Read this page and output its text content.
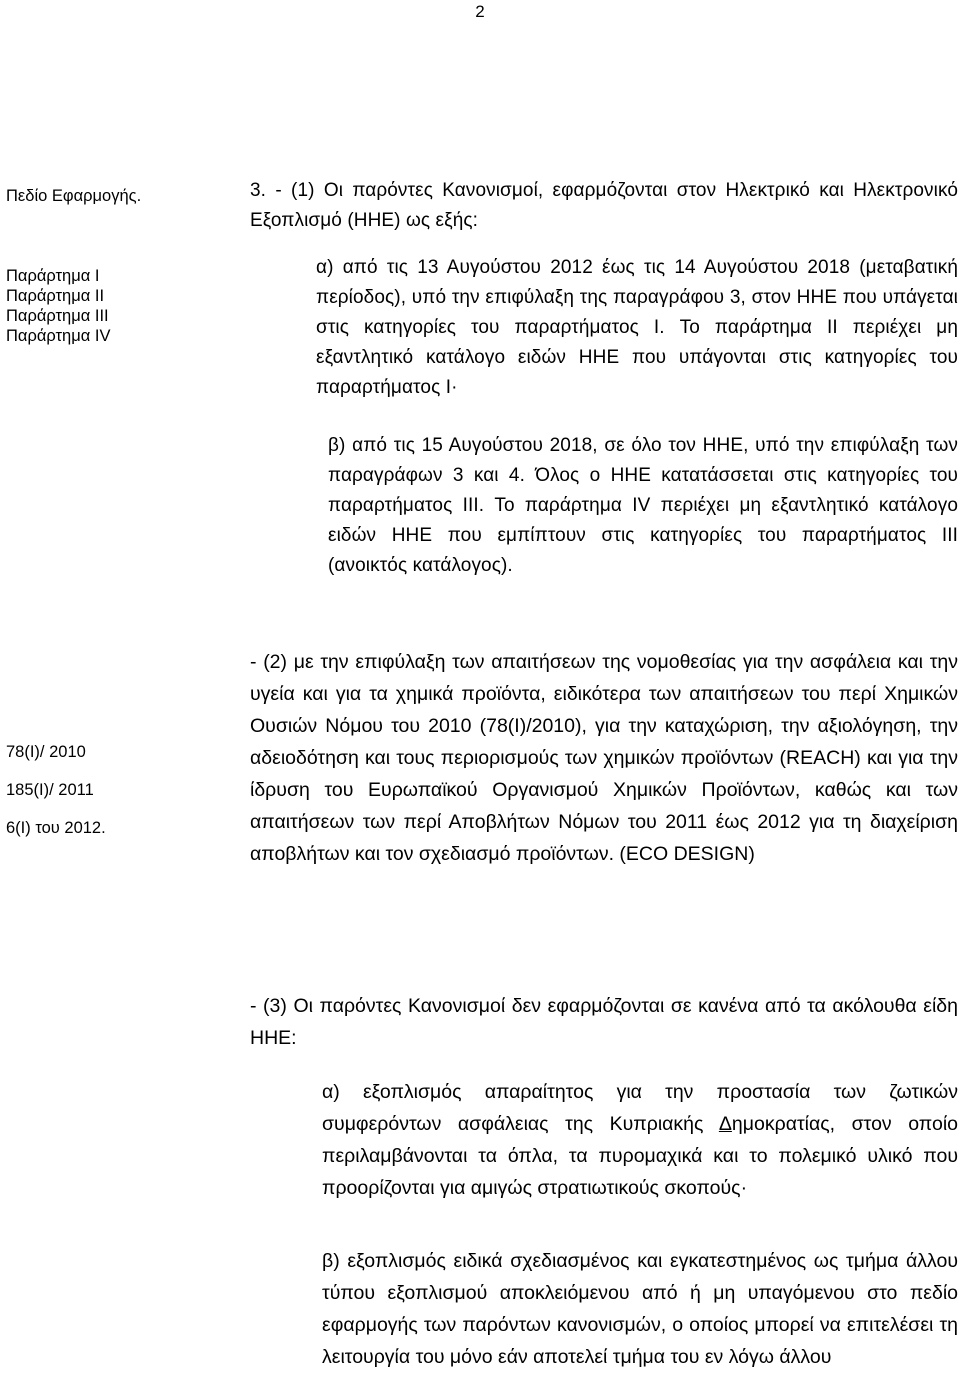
2
Πεδίο Εφαρμογής.
Παράρτημα I
Παράρτημα II
Παράρτημα III
Παράρτημα IV
78(I)/ 2010
185(I)/ 2011
6(I) του 2012.
3. - (1) Οι παρόντες Κανονισμοί, εφαρμόζονται στον Ηλεκτρικό και Ηλεκτρονικό Εξοπλισμό (ΗΗΕ) ως εξής:
α) από τις 13 Αυγούστου 2012 έως τις 14 Αυγούστου 2018 (μεταβατική περίοδος), υπό την επιφύλαξη της παραγράφου 3, στον ΗΗΕ που υπάγεται στις κατηγορίες του παραρτήματος I. Το παράρτημα II περιέχει μη εξαντλητικό κατάλογο ειδών ΗΗΕ που υπάγονται στις κατηγορίες του παραρτήματος I·
β) από τις 15 Αυγούστου 2018, σε όλο τον ΗΗΕ, υπό την επιφύλαξη των παραγράφων 3 και 4. Όλος ο ΗΗΕ κατατάσσεται στις κατηγορίες του παραρτήματος III. Το παράρτημα IV περιέχει μη εξαντλητικό κατάλογο ειδών ΗΗΕ που εμπίπτουν στις κατηγορίες του παραρτήματος III (ανοικτός κατάλογος).
- (2) με την επιφύλαξη των απαιτήσεων της νομοθεσίας για την ασφάλεια και την υγεία και για τα χημικά προϊόντα, ειδικότερα των απαιτήσεων του περί Χημικών Ουσιών Νόμου του 2010 (78(I)/2010), για την καταχώριση, την αξιολόγηση, την αδειοδότηση και τους περιορισμούς των χημικών προϊόντων (REACH) και για την ίδρυση του Ευρωπαϊκού Οργανισμού Χημικών Προϊόντων, καθώς και των απαιτήσεων των περί Αποβλήτων Νόμων του 2011 έως 2012 για τη διαχείριση αποβλήτων και τον σχεδιασμό προϊόντων. (ECO DESIGN)
- (3) Οι παρόντες Κανονισμοί δεν εφαρμόζονται σε κανένα από τα ακόλουθα είδη ΗΗΕ:
α) εξοπλισμός απαραίτητος για την προστασία των ζωτικών συμφερόντων ασφάλειας της Κυπριακής Δημοκρατίας, στον οποίο περιλαμβάνονται τα όπλα, τα πυρομαχικά και το πολεμικό υλικό που προορίζονται για αμιγώς στρατιωτικούς σκοπούς·
β) εξοπλισμός ειδικά σχεδιασμένος και εγκατεστημένος ως τμήμα άλλου τύπου εξοπλισμού αποκλειόμενου από ή μη υπαγόμενου στο πεδίο εφαρμογής των παρόντων κανονισμών, ο οποίος μπορεί να επιτελέσει τη λειτουργία του μόνο εάν αποτελεί τμήμα του εν λόγω άλλου
